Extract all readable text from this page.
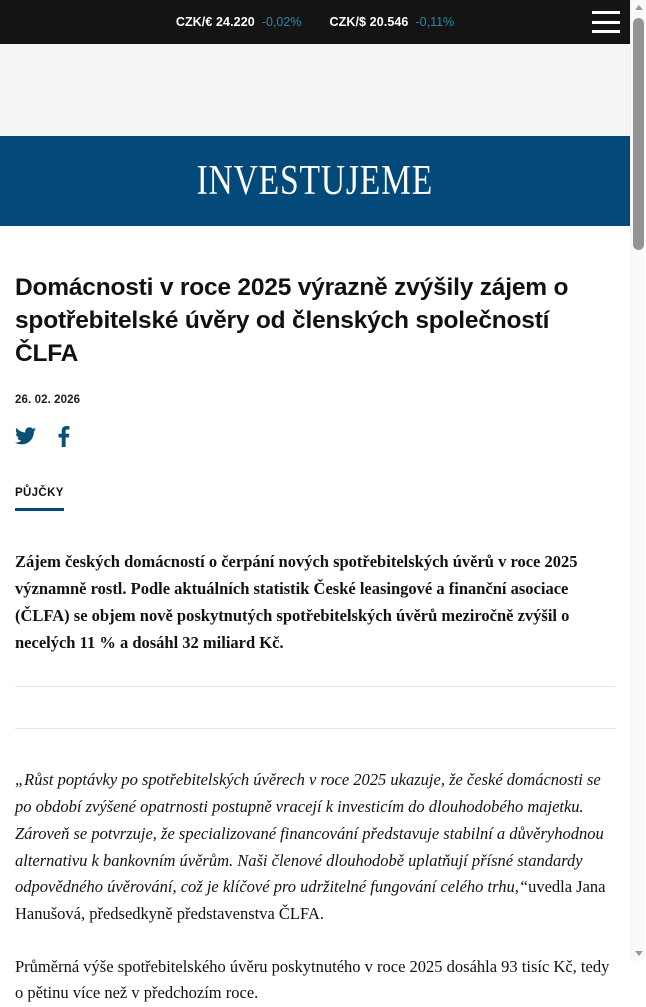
CZK/€ 24.220 -0,02% CZK/$ 20.546 -0,11%
INVESTUJEME
Domácnosti v roce 2025 výrazně zvýšily zájem o spotřebitelské úvěry od členských společností ČLFA
26. 02. 2026
PŮJČKY

Zájem českých domácností o čerpání nových spotřebitelských úvěrů v roce 2025 významně rostl. Podle aktuálních statistik České leasingové a finanční asociace (ČLFA) se objem nově poskytnutých spotřebitelských úvěrů meziročně zvýšil o necelých 11 % a dosáhl 32 miliard Kč.

„Růst poptávky po spotřebitelských úvěrech v roce 2025 ukazuje, že české domácnosti se po období zvýšené opatrnosti postupně vracejí k investicím do dlouhodobého majetku. Zároveň se potvrzuje, že specializované financování představuje stabilní a důvěryhodnou alternativu k bankovním úvěrům. Naši členové dlouhodobě uplatňují přísné standardy odpovědného úvěrování, což je klíčové pro udržitelné fungování celého trhu,“uvedla Jana Hanušová, předsedkyně představenstva ČLFA.

Průměrná výše spotřebitelského úvěru poskytnutého v roce 2025 dosáhla 93 tisíc Kč, tedy o pětinu více než v předchozím roce.
